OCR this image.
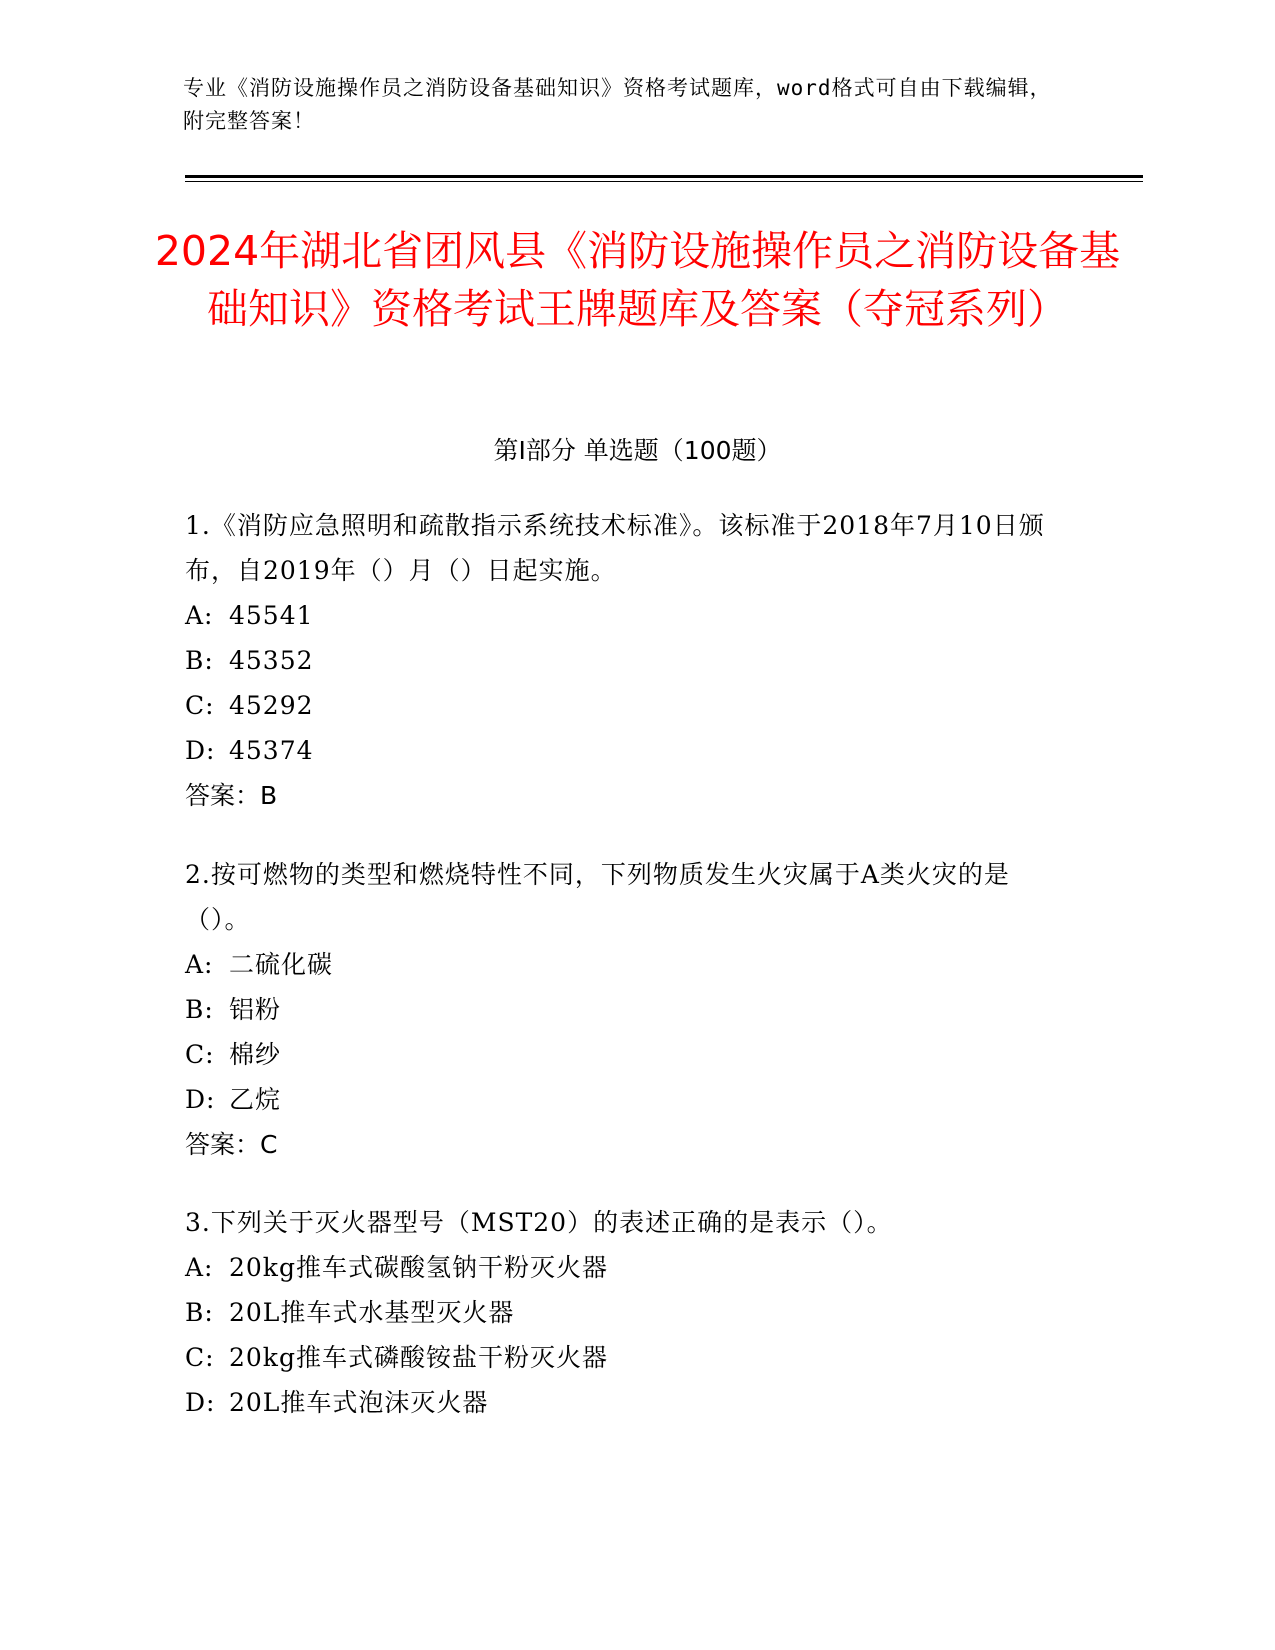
专业《消防设施操作员之消防设备基础知识》资格考试题库，word格式可自由下载编辑，附完整答案！
2024年湖北省团风县《消防设施操作员之消防设备基础知识》资格考试王牌题库及答案（夺冠系列）
第I部分 单选题（100题）

1.《消防应急照明和疏散指示系统技术标准》。该标准于2018年7月10日颁布，自2019年（）月（）日起实施。

A: 45541

B: 45352

C: 45292

D: 45374

答案：B

2.按可燃物的类型和燃烧特性不同，下列物质发生火灾属于A类火灾的是（）。

A: 二硫化碳

B: 铝粉

C: 棉纱

D: 乙烷

答案：C

3.下列关于灭火器型号（MST20）的表述正确的是表示（）。

A: 20kg推车式碳酸氢钠干粉灭火器

B: 20L推车式水基型灭火器

C: 20kg推车式磷酸铵盐干粉灭火器

D: 20L推车式泡沫灭火器
